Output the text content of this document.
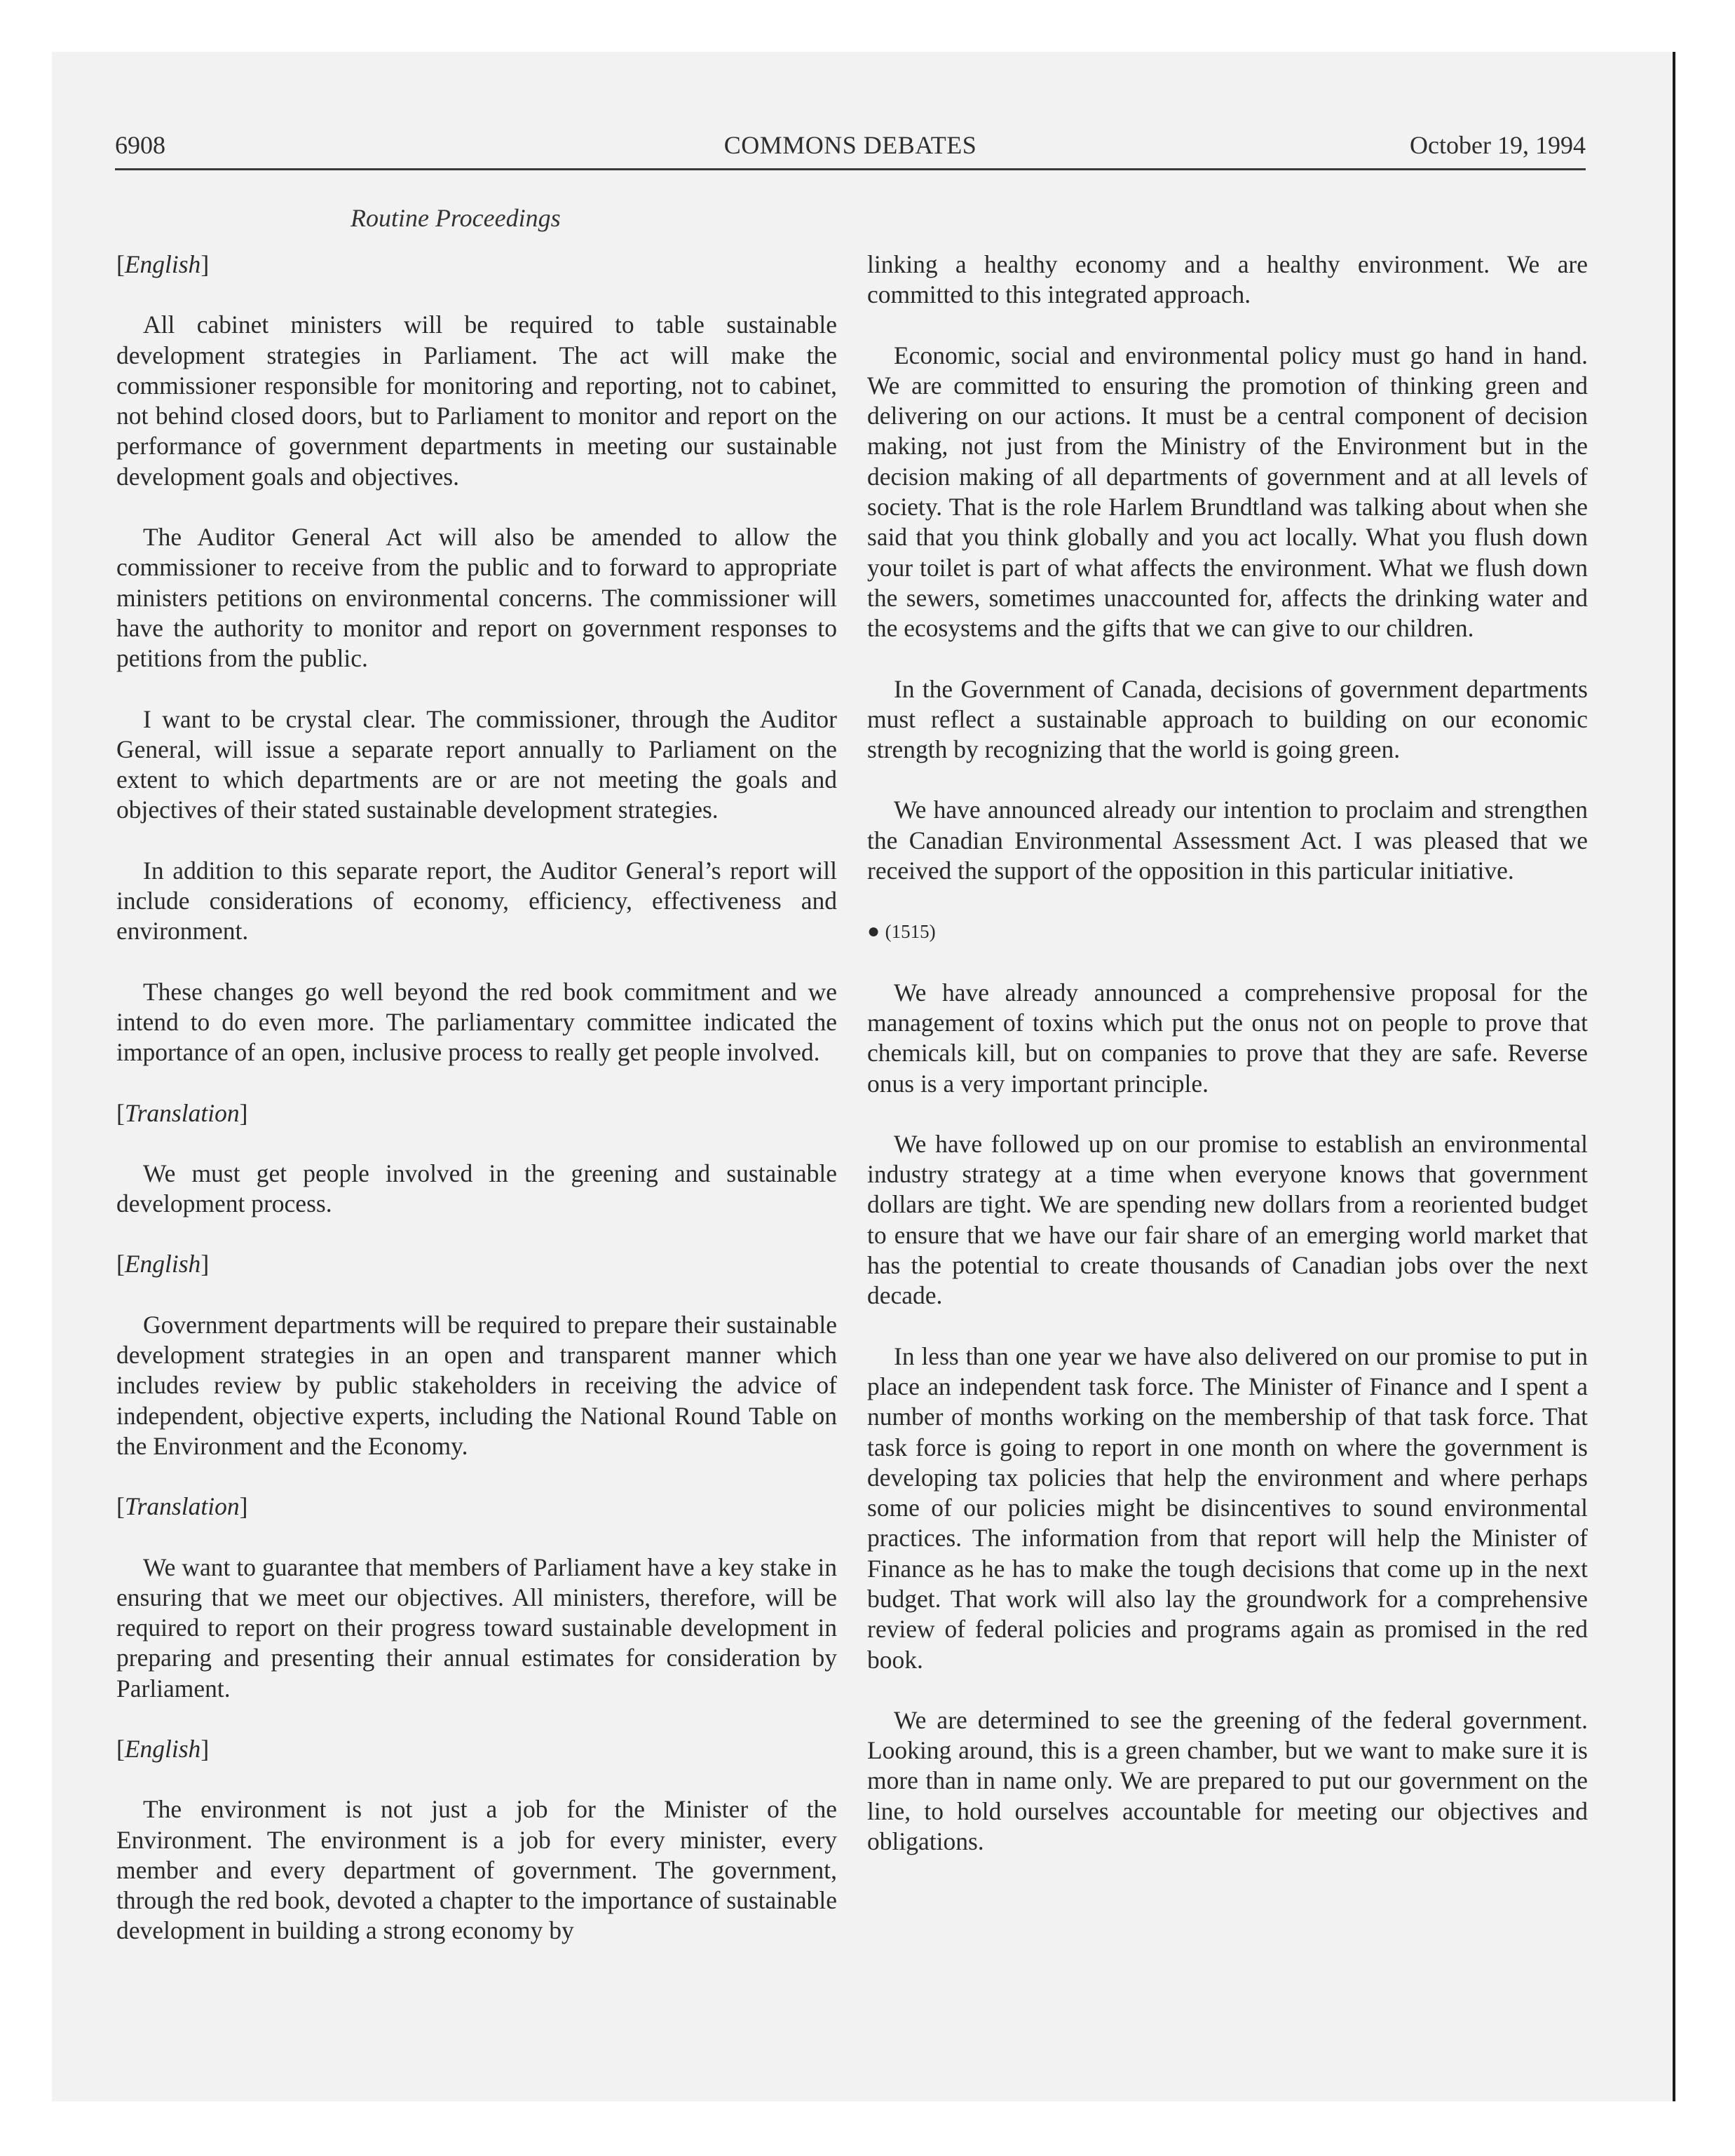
6908	COMMONS DEBATES	October 19, 1994
Routine Proceedings

[English]

All cabinet ministers will be required to table sustainable development strategies in Parliament. The act will make the commissioner responsible for monitoring and reporting, not to cabinet, not behind closed doors, but to Parliament to monitor and report on the performance of government departments in meeting our sustainable development goals and objectives.

The Auditor General Act will also be amended to allow the commissioner to receive from the public and to forward to appropriate ministers petitions on environmental concerns. The commissioner will have the authority to monitor and report on government responses to petitions from the public.

I want to be crystal clear. The commissioner, through the Auditor General, will issue a separate report annually to Parliament on the extent to which departments are or are not meeting the goals and objectives of their stated sustainable development strategies.

In addition to this separate report, the Auditor General’s report will include considerations of economy, efficiency, effectiveness and environment.

These changes go well beyond the red book commitment and we intend to do even more. The parliamentary committee indicated the importance of an open, inclusive process to really get people involved.

[Translation]

We must get people involved in the greening and sustainable development process.

[English]

Government departments will be required to prepare their sustainable development strategies in an open and transparent manner which includes review by public stakeholders in receiving the advice of independent, objective experts, including the National Round Table on the Environment and the Economy.

[Translation]

We want to guarantee that members of Parliament have a key stake in ensuring that we meet our objectives. All ministers, therefore, will be required to report on their progress toward sustainable development in preparing and presenting their annual estimates for consideration by Parliament.

[English]

The environment is not just a job for the Minister of the Environment. The environment is a job for every minister, every member and every department of government. The government, through the red book, devoted a chapter to the importance of sustainable development in building a strong economy by

linking a healthy economy and a healthy environment. We are committed to this integrated approach.

Economic, social and environmental policy must go hand in hand. We are committed to ensuring the promotion of thinking green and delivering on our actions. It must be a central component of decision making, not just from the Ministry of the Environment but in the decision making of all departments of government and at all levels of society. That is the role Harlem Brundtland was talking about when she said that you think globally and you act locally. What you flush down your toilet is part of what affects the environment. What we flush down the sewers, sometimes unaccounted for, affects the drinking water and the ecosystems and the gifts that we can give to our children.

In the Government of Canada, decisions of government departments must reflect a sustainable approach to building on our economic strength by recognizing that the world is going green.

We have announced already our intention to proclaim and strengthen the Canadian Environmental Assessment Act. I was pleased that we received the support of the opposition in this particular initiative.

● (1515)

We have already announced a comprehensive proposal for the management of toxins which put the onus not on people to prove that chemicals kill, but on companies to prove that they are safe. Reverse onus is a very important principle.

We have followed up on our promise to establish an environmental industry strategy at a time when everyone knows that government dollars are tight. We are spending new dollars from a reoriented budget to ensure that we have our fair share of an emerging world market that has the potential to create thousands of Canadian jobs over the next decade.

In less than one year we have also delivered on our promise to put in place an independent task force. The Minister of Finance and I spent a number of months working on the membership of that task force. That task force is going to report in one month on where the government is developing tax policies that help the environment and where perhaps some of our policies might be disincentives to sound environmental practices. The information from that report will help the Minister of Finance as he has to make the tough decisions that come up in the next budget. That work will also lay the groundwork for a comprehensive review of federal policies and programs again as promised in the red book.

We are determined to see the greening of the federal government. Looking around, this is a green chamber, but we want to make sure it is more than in name only. We are prepared to put our government on the line, to hold ourselves accountable for meeting our objectives and obligations.
